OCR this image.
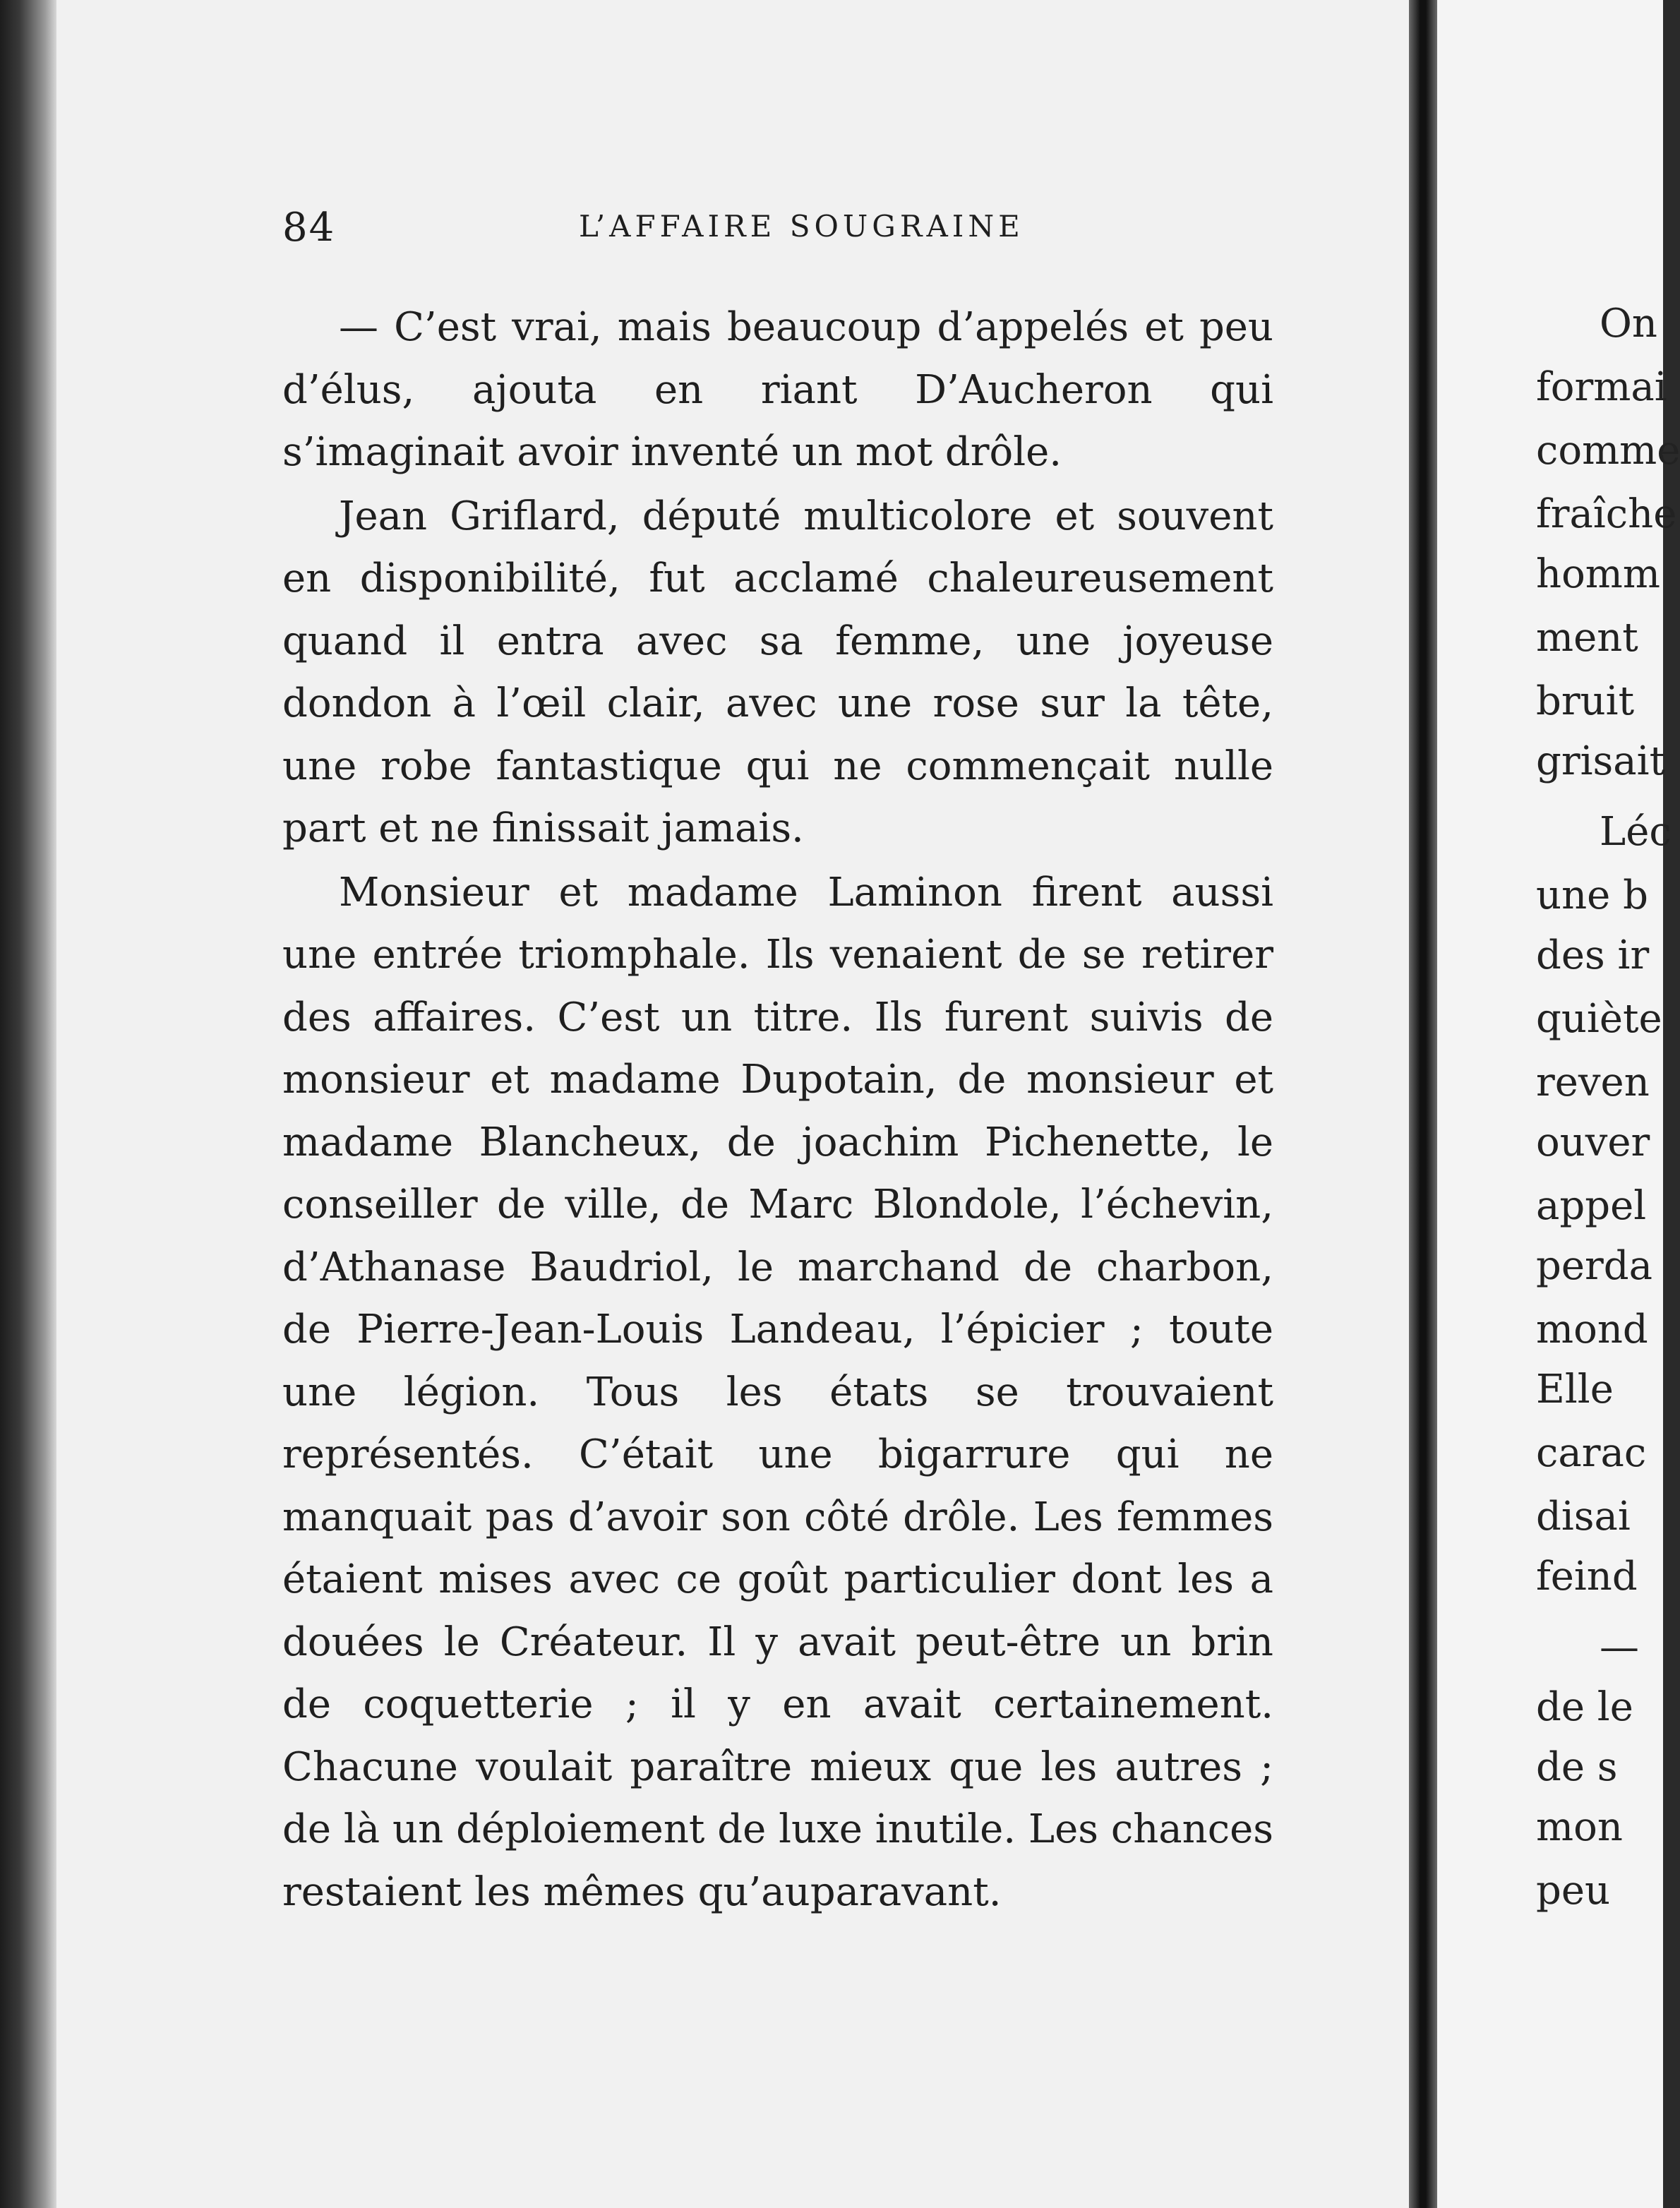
84	L’AFFAIRE SOUGRAINE

— C’est vrai, mais beaucoup d’appelés et peu d’élus, ajouta en riant D’Aucheron qui s’imaginait avoir inventé un mot drôle.

Jean Griflard, député multicolore et souvent en disponibilité, fut acclamé chaleureusement quand il entra avec sa femme, une joyeuse dondon à l’œil clair, avec une rose sur la tête, une robe fantastique qui ne commençait nulle part et ne finissait jamais.

Monsieur et madame Laminon firent aussi une entrée triomphale. Ils venaient de se retirer des affaires. C’est un titre. Ils furent suivis de monsieur et madame Dupotain, de monsieur et madame Blancheux, de joachim Pichenette, le conseiller de ville, de Marc Blondole, l’échevin, d’Athanase Baudriol, le marchand de charbon, de Pierre-Jean-Louis Landeau, l’épicier ; toute une légion. Tous les états se trouvaient représentés. C’était une bigarrure qui ne manquait pas d’avoir son côté drôle. Les femmes étaient mises avec ce goût particulier dont les a douées le Créateur. Il y avait peut-être un brin de coquetterie ; il y en avait certainement. Chacune voulait paraître mieux que les autres ; de là un déploiement de luxe inutile. Les chances restaient les mêmes qu’auparavant.

On
formai
comme
fraîche
homm
ment
bruit
grisait
Léc
une b
des ir
quiète
reven
ouver
appel
perda
mond
Elle
carac
disai
feind
—
de le
de s
mon
peu
